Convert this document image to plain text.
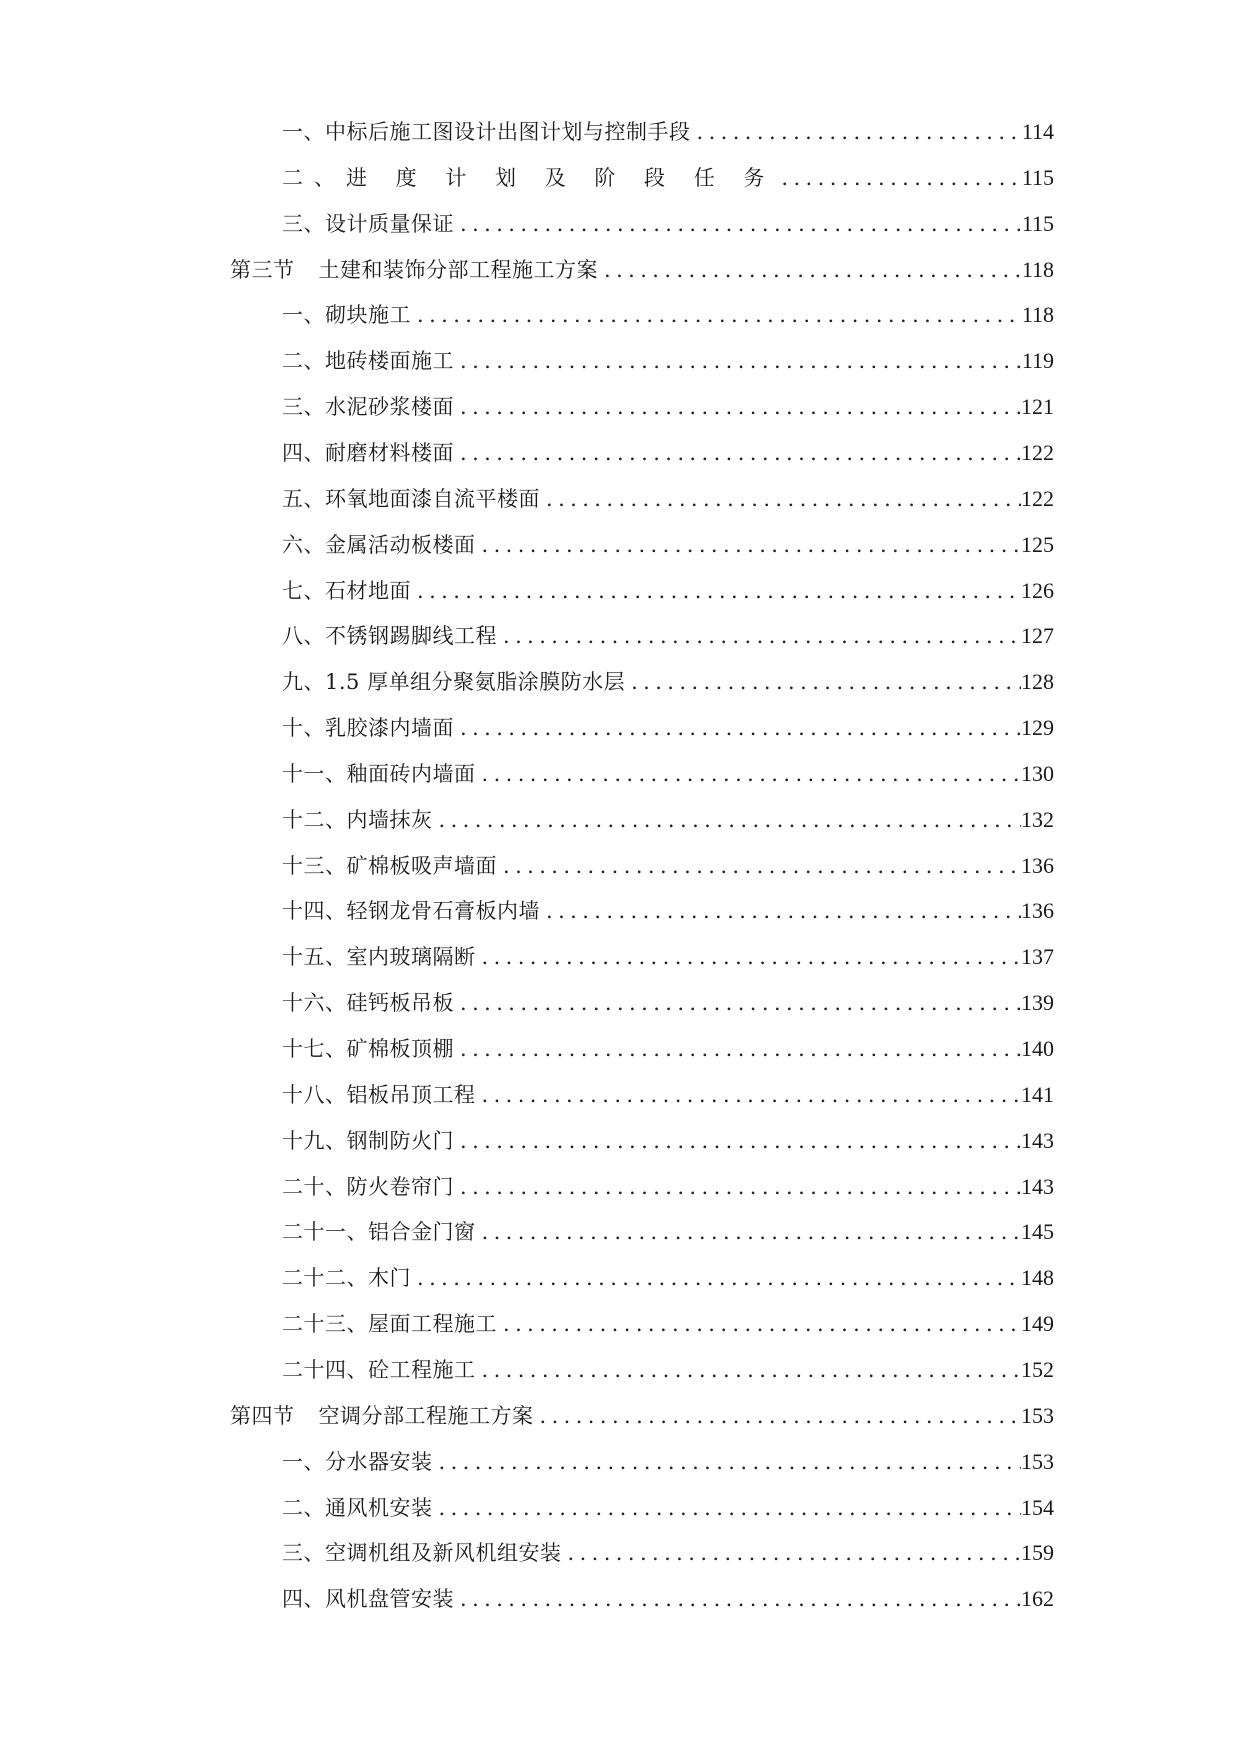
一、中标后施工图设计出图计划与控制手段 .....	114
二、进 度 计 划 及 阶 段 任 务 .....	115
三、设计质量保证 .....	115
第三节 土建和装饰分部工程施工方案 .....	118
一、砌块施工 .....	118
二、地砖楼面施工 .....	119
三、水泥砂浆楼面 .....	121
四、耐磨材料楼面 .....	122
五、环氧地面漆自流平楼面 .....	122
六、金属活动板楼面 .....	125
七、石材地面 .....	126
八、不锈钢踢脚线工程 .....	127
九、1.5 厚单组分聚氨脂涂膜防水层 .....	128
十、乳胶漆内墙面 .....	129
十一、釉面砖内墙面 .....	130
十二、内墙抹灰 .....	132
十三、矿棉板吸声墙面 .....	136
十四、轻钢龙骨石膏板内墙 .....	136
十五、室内玻璃隔断 .....	137
十六、硅钙板吊板 .....	139
十七、矿棉板顶棚 .....	140
十八、铝板吊顶工程 .....	141
十九、钢制防火门 .....	143
二十、防火卷帘门 .....	143
二十一、铝合金门窗 .....	145
二十二、木门 .....	148
二十三、屋面工程施工 .....	149
二十四、砼工程施工 .....	152
第四节 空调分部工程施工方案 .....	153
一、分水器安装 .....	153
二、通风机安装 .....	154
三、空调机组及新风机组安装 .....	159
四、风机盘管安装 .....	162
